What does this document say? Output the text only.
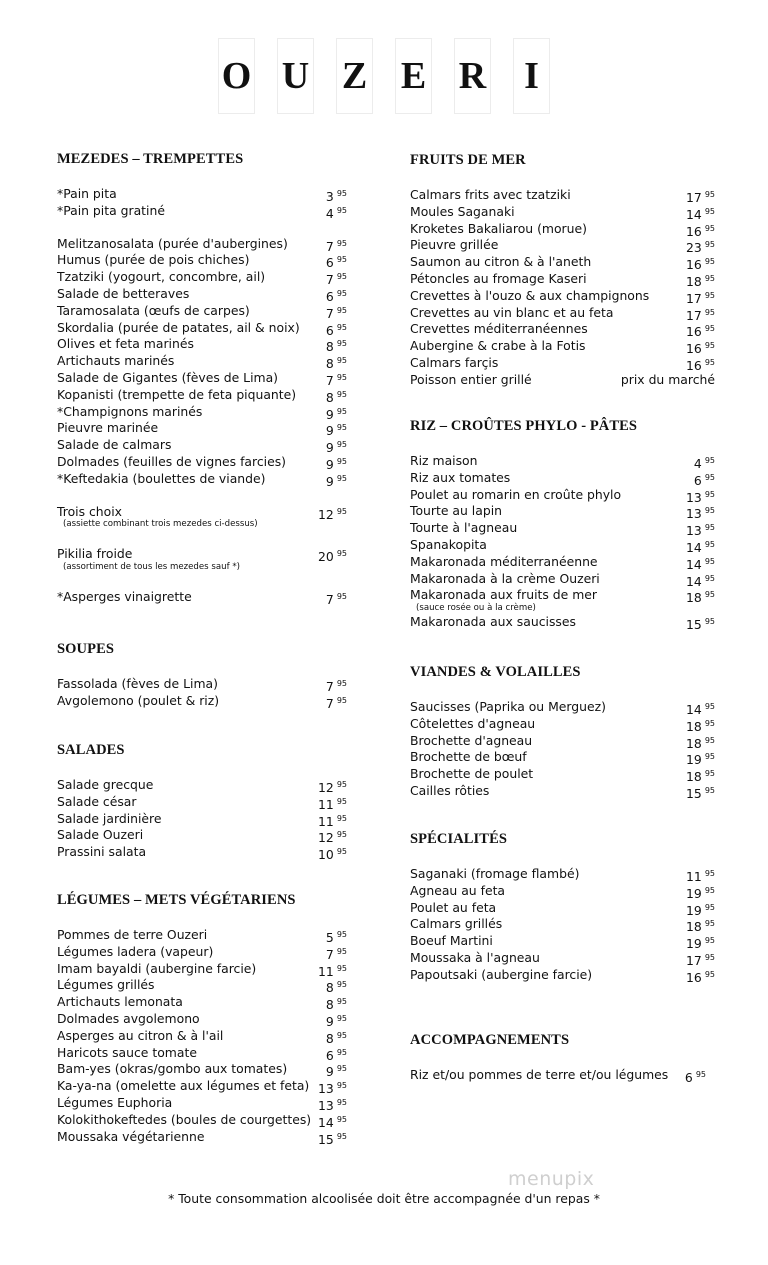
O U Z E R I
MEZEDES – TREMPETTES
*Pain pita	3 $^{95}$
*Pain pita gratiné	4 $^{95}$
Melitzanosalata (purée d'aubergines)	7 $^{95}$
Humus (purée de pois chiches)	6 $^{95}$
Tzatziki (yogourt, concombre, ail)	7 $^{95}$
Salade de betteraves	6 $^{95}$
Taramosalata (œufs de carpes)	7 $^{95}$
Skordalia (purée de patates, ail & noix) 6 $^{95}$
Olives et feta marinés	8 $^{95}$
Artichauts marinés	8 $^{95}$
Salade de Gigantes (fèves de Lima)	7 $^{95}$
Kopanisti (trempette de feta piquante) 8 $^{95}$
*Champignons marinés	9 $^{95}$
Pieuvre marinée	9 $^{95}$
Salade de calmars	9 $^{95}$
Dolmades (feuilles de vignes farcies)	9 $^{95}$
*Keftedakia (boulettes de viande)	9 $^{95}$
Trois choix	12 $^{95}$
(assiette combinant trois mezedes ci-dessus)
Pikilia froide	20 $^{95}$
(assortiment de tous les mezedes sauf *)
*Asperges vinaigrette	7 $^{95}$
SOUPES
Fassolada (fèves de Lima)	7 $^{95}$
Avgolemono (poulet & riz)	7 $^{95}$
SALADES
Salade grecque	12 $^{95}$
Salade césar	11 $^{95}$
Salade jardinière	11 $^{95}$
Salade Ouzeri	12 $^{95}$
Prassini salata	10 $^{95}$
LÉGUMES – METS VÉGÉTARIENS
Pommes de terre Ouzeri	5 $^{95}$
Légumes ladera (vapeur)	7 $^{95}$
Imam bayaldi (aubergine farcie)	11 $^{95}$
Légumes grillés	8 $^{95}$
Artichauts lemonata	8 $^{95}$
Dolmades avgolemono	9 $^{95}$
Asperges au citron & à l'ail	8 $^{95}$
Haricots sauce tomate	6 $^{95}$
Bam-yes (okras/gombo aux tomates)	9 $^{95}$
Ka-ya-na (omelette aux légumes et feta) 13 $^{95}$
Légumes Euphoria	13 $^{95}$
Kolokithokeftedes (boules de courgettes) 14 $^{95}$
Moussaka végétarienne	15 $^{95}$
FRUITS DE MER
Calmars frits avec tzatziki	17 $^{95}$
Moules Saganaki	14 $^{95}$
Kroketes Bakaliarou (morue)	16 $^{95}$
Pieuvre grillée	23 $^{95}$
Saumon au citron & à l'aneth	16 $^{95}$
Pétoncles au fromage Kaseri	18 $^{95}$
Crevettes à l'ouzo & aux champignons	17 $^{95}$
Crevettes au vin blanc et au feta	17 $^{95}$
Crevettes méditerranéennes	16 $^{95}$
Aubergine & crabe à la Fotis	16 $^{95}$
Calmars farçis	16 $^{95}$
Poisson entier grillé	prix du marché
RIZ – CROÛTES PHYLO - PÂTES
Riz maison	4 $^{95}$
Riz aux tomates	6 $^{95}$
Poulet au romarin en croûte phylo	13 $^{95}$
Tourte au lapin	13 $^{95}$
Tourte à l'agneau	13 $^{95}$
Spanakopita	14 $^{95}$
Makaronada méditerranéenne	14 $^{95}$
Makaronada à la crème Ouzeri	14 $^{95}$
Makaronada aux fruits de mer	18 $^{95}$
(sauce rosée ou à la crème)
Makaronada aux saucisses	15 $^{95}$
VIANDES & VOLAILLES
Saucisses (Paprika ou Merguez)	14 $^{95}$
Côtelettes d'agneau	18 $^{95}$
Brochette d'agneau	18 $^{95}$
Brochette de bœuf	19 $^{95}$
Brochette de poulet	18 $^{95}$
Cailles rôties	15 $^{95}$
SPÉCIALITÉS
Saganaki (fromage flambé)	11 $^{95}$
Agneau au feta	19 $^{95}$
Poulet au feta	19 $^{95}$
Calmars grillés	18 $^{95}$
Boeuf Martini	19 $^{95}$
Moussaka à l'agneau	17 $^{95}$
Papoutsaki (aubergine farcie)	16 $^{95}$
ACCOMPAGNEMENTS
Riz et/ou pommes de terre et/ou légumes 6 $^{95}$
menupix
* Toute consommation alcoolisée doit être accompagnée d'un repas *
